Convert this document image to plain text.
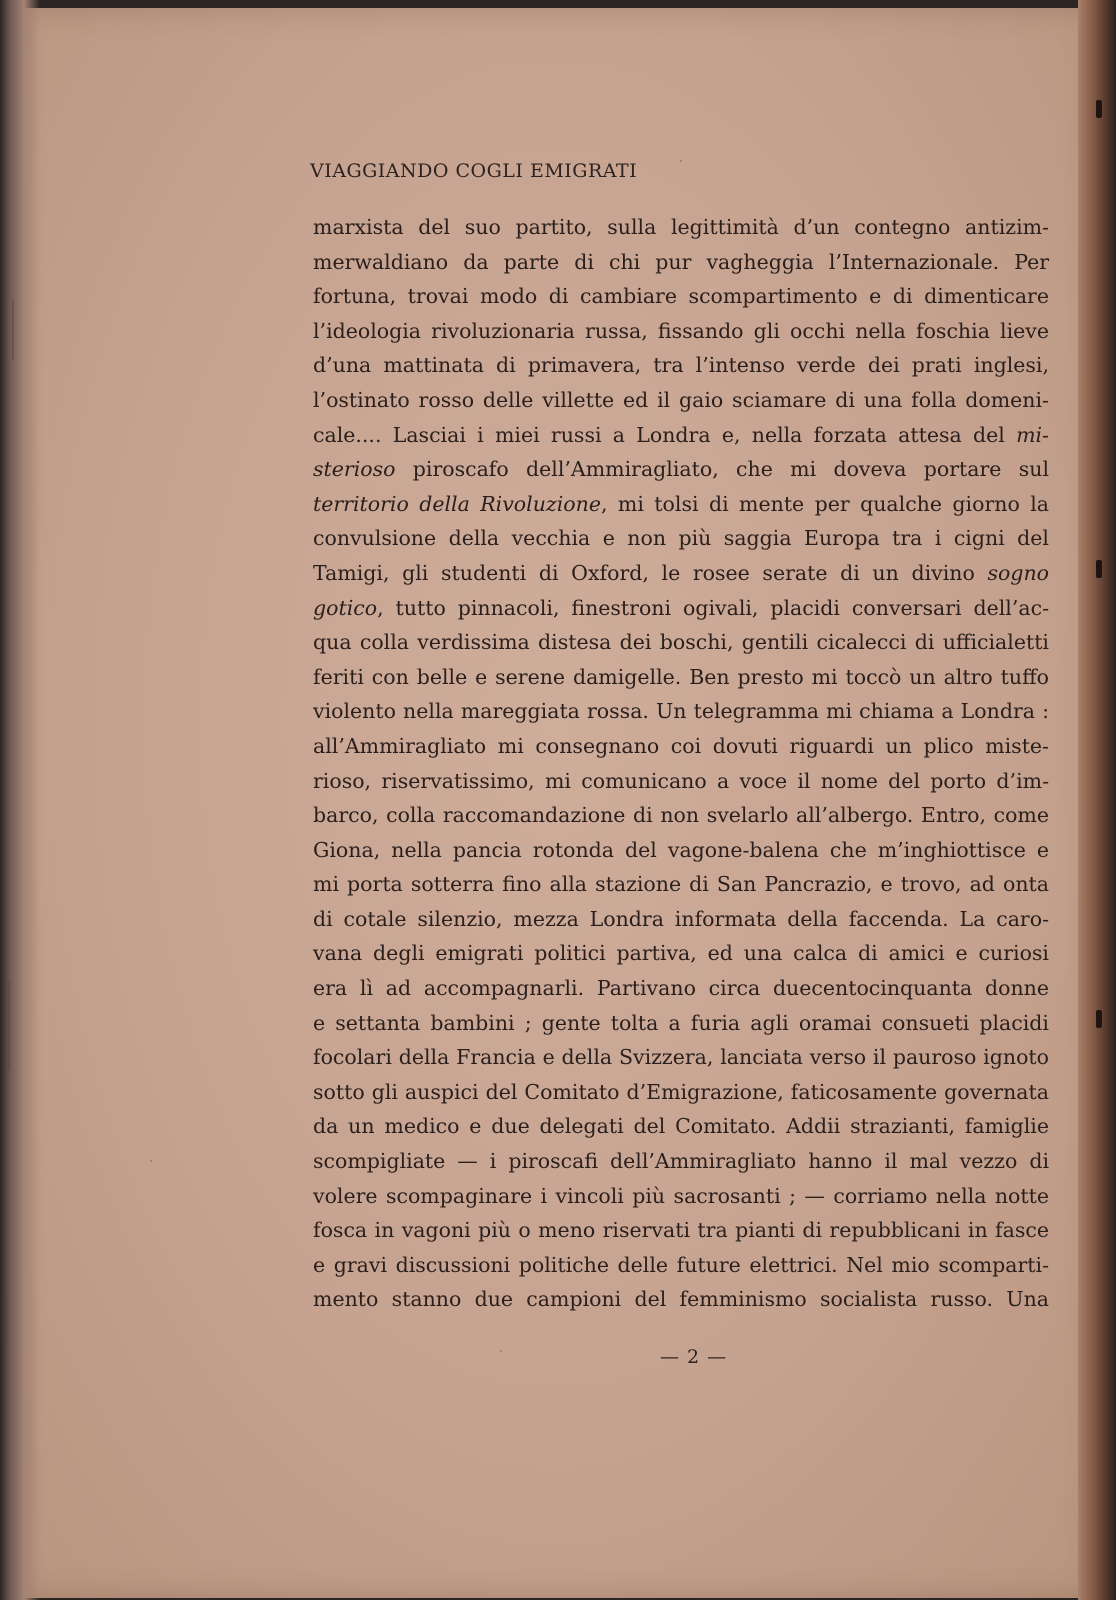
VIAGGIANDO COGLI EMIGRATI
marxista del suo partito, sulla legittimità d’un contegno antizim-
merwaldiano da parte di chi pur vagheggia l’Internazionale. Per
fortuna, trovai modo di cambiare scompartimento e di dimenticare
l’ideologia rivoluzionaria russa, fissando gli occhi nella foschia lieve
d’una mattinata di primavera, tra l’intenso verde dei prati inglesi,
l’ostinato rosso delle villette ed il gaio sciamare di una folla domeni-
cale.... Lasciai i miei russi a Londra e, nella forzata attesa del mi-
sterioso piroscafo dell’Ammiragliato, che mi doveva portare sul
territorio della Rivoluzione, mi tolsi di mente per qualche giorno la
convulsione della vecchia e non più saggia Europa tra i cigni del
Tamigi, gli studenti di Oxford, le rosee serate di un divino sogno
gotico, tutto pinnacoli, finestroni ogivali, placidi conversari dell’ac-
qua colla verdissima distesa dei boschi, gentili cicalecci di ufficialetti
feriti con belle e serene damigelle. Ben presto mi toccò un altro tuffo
violento nella mareggiata rossa. Un telegramma mi chiama a Londra :
all’Ammiragliato mi consegnano coi dovuti riguardi un plico miste-
rioso, riservatissimo, mi comunicano a voce il nome del porto d’im-
barco, colla raccomandazione di non svelarlo all’albergo. Entro, come
Giona, nella pancia rotonda del vagone-balena che m’inghiottisce e
mi porta sotterra fino alla stazione di San Pancrazio, e trovo, ad onta
di cotale silenzio, mezza Londra informata della faccenda. La caro-
vana degli emigrati politici partiva, ed una calca di amici e curiosi
era lì ad accompagnarli. Partivano circa duecentocinquanta donne
e settanta bambini ; gente tolta a furia agli oramai consueti placidi
focolari della Francia e della Svizzera, lanciata verso il pauroso ignoto
sotto gli auspici del Comitato d’Emigrazione, faticosamente governata
da un medico e due delegati del Comitato. Addii strazianti, famiglie
scompigliate — i piroscafi dell’Ammiragliato hanno il mal vezzo di
volere scompaginare i vincoli più sacrosanti ; — corriamo nella notte
fosca in vagoni più o meno riservati tra pianti di repubblicani in fasce
e gravi discussioni politiche delle future elettrici. Nel mio scomparti-
mento stanno due campioni del femminismo socialista russo. Una
— 2 —
